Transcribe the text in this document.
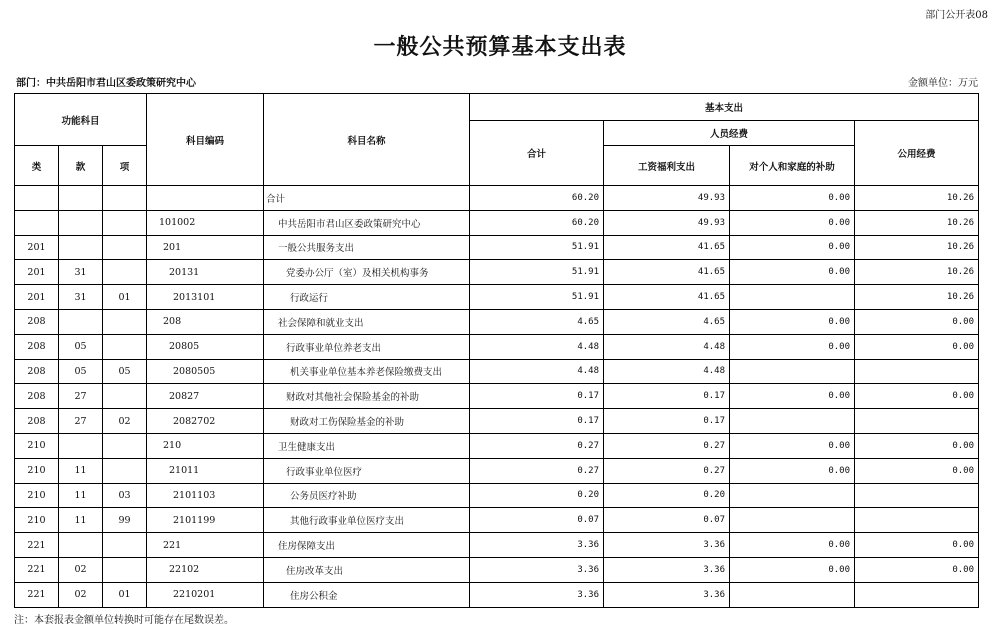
部门公开表08
一般公共预算基本支出表
部门：中共岳阳市君山区委政策研究中心	金额单位：万元
功能科目			科目编码	科目名称	基本支出			
					合计	人员经费		公用经费
类	款	项				工资福利支出	对个人和家庭的补助	
				合计	60.20	49.93	0.00	10.26
			101002	中共岳阳市君山区委政策研究中心	60.20	49.93	0.00	10.26
201			201	一般公共服务支出	51.91	41.65	0.00	10.26
201	31		20131	党委办公厅（室）及相关机构事务	51.91	41.65	0.00	10.26
201	31	01	2013101	行政运行	51.91	41.65		10.26
208			208	社会保障和就业支出	4.65	4.65	0.00	0.00
208	05		20805	行政事业单位养老支出	4.48	4.48	0.00	0.00
208	05	05	2080505	机关事业单位基本养老保险缴费支出	4.48	4.48		
208	27		20827	财政对其他社会保险基金的补助	0.17	0.17	0.00	0.00
208	27	02	2082702	财政对工伤保险基金的补助	0.17	0.17		
210			210	卫生健康支出	0.27	0.27	0.00	0.00
210	11		21011	行政事业单位医疗	0.27	0.27	0.00	0.00
210	11	03	2101103	公务员医疗补助	0.20	0.20		
210	11	99	2101199	其他行政事业单位医疗支出	0.07	0.07		
221			221	住房保障支出	3.36	3.36	0.00	0.00
221	02		22102	住房改革支出	3.36	3.36	0.00	0.00
221	02	01	2210201	住房公积金	3.36	3.36		
注：本套报表金额单位转换时可能存在尾数误差。
